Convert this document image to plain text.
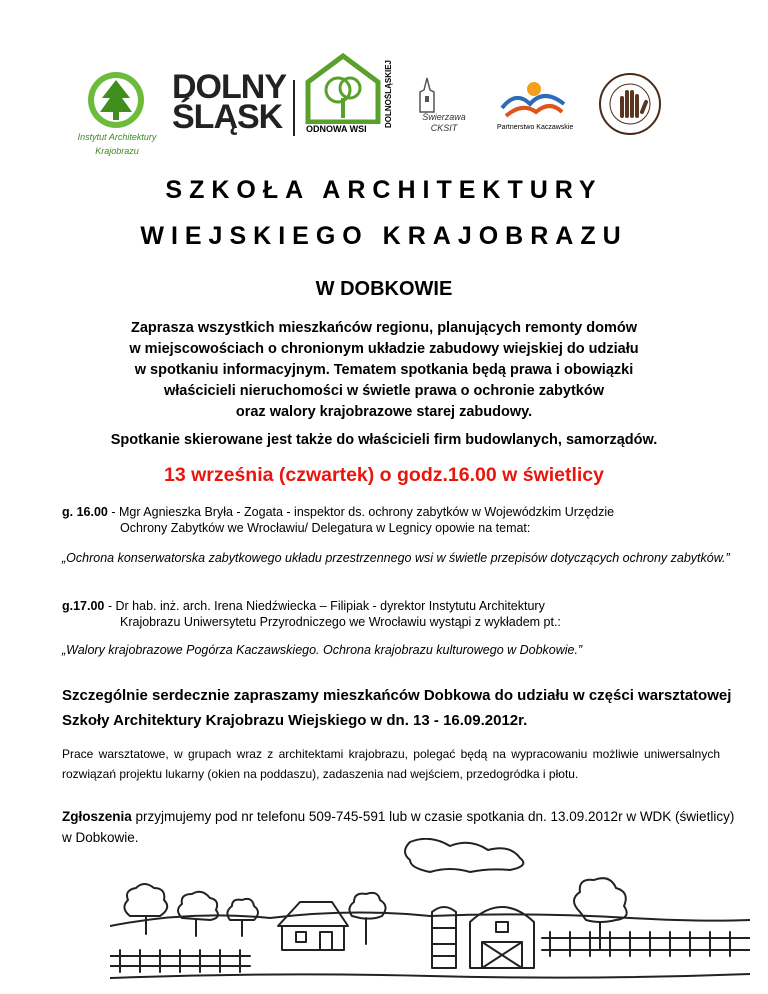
Instytut Architektury
Krajobrazu
DOLNY
ŚLĄSK	ODNOWA WSI
DOLNOŚLĄSKIEJ	Świerzawa
CKSIT	Partnerstwo Kaczawskie
SZKOŁA ARCHITEKTURY
WIEJSKIEGO KRAJOBRAZU
W DOBKOWIE
Zaprasza wszystkich mieszkańców regionu, planujących remonty domów
w miejscowościach o chronionym układzie zabudowy wiejskiej do udziału
w spotkaniu informacyjnym. Tematem spotkania będą prawa i obowiązki
właścicieli nieruchomości w świetle prawa o ochronie zabytków
oraz walory krajobrazowe starej zabudowy.
Spotkanie skierowane jest także do właścicieli firm budowlanych, samorządów.
13 września (czwartek) o godz.16.00 w świetlicy
g. 16.00 - Mgr Agnieszka Bryła - Zogata - inspektor ds. ochrony zabytków w Wojewódzkim Urzędzie
Ochrony Zabytków we Wrocławiu/ Delegatura w Legnicy opowie na temat:
„Ochrona konserwatorska zabytkowego układu przestrzennego wsi w świetle przepisów dotyczących ochrony zabytków.”
g.17.00 - Dr hab. inż. arch. Irena Niedźwiecka – Filipiak - dyrektor Instytutu Architektury
Krajobrazu Uniwersytetu Przyrodniczego we Wrocławiu wystąpi z wykładem pt.:
„Walory krajobrazowe Pogórza Kaczawskiego. Ochrona krajobrazu kulturowego w Dobkowie.”
Szczególnie serdecznie zapraszamy mieszkańców Dobkowa do udziału w części warsztatowej Szkoły Architektury Krajobrazu Wiejskiego w dn. 13 - 16.09.2012r.
Prace warsztatowe, w grupach wraz z architektami krajobrazu, polegać będą na wypracowaniu możliwie uniwersalnych rozwiązań projektu lukarny (okien na poddaszu), zadaszenia nad wejściem, przedogródka i płotu.
Zgłoszenia przyjmujemy pod nr telefonu 509-745-591 lub w czasie spotkania dn. 13.09.2012r w WDK (świetlicy) w Dobkowie.
